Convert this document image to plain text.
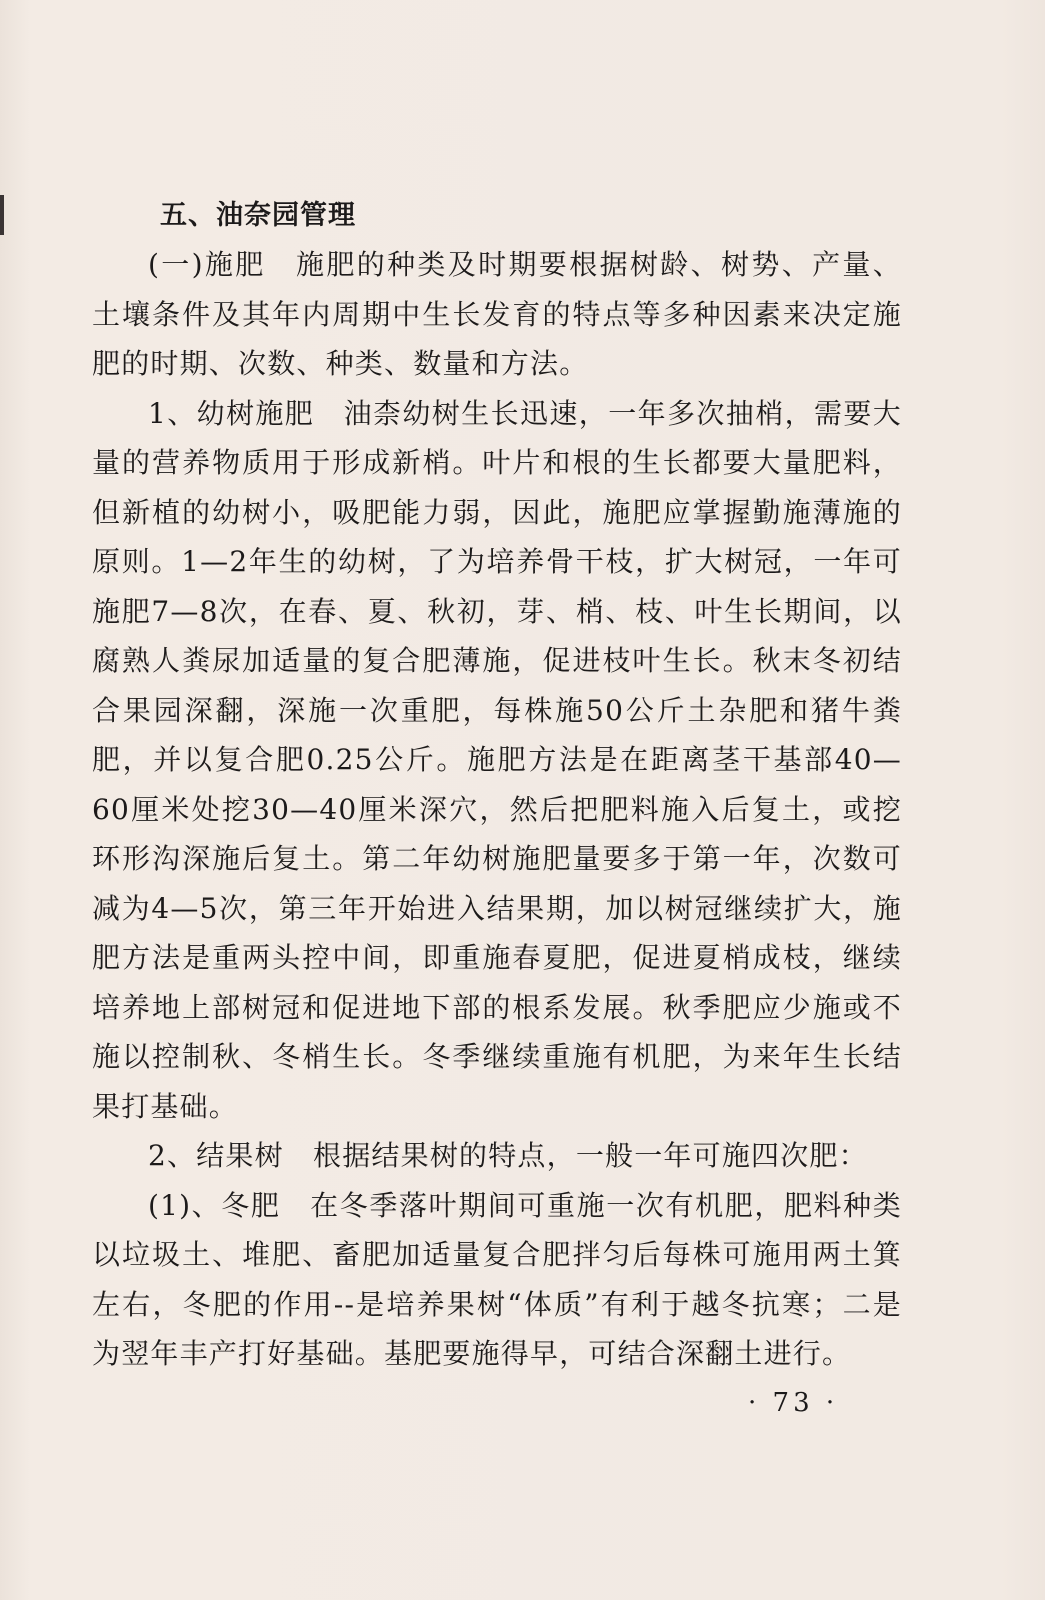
五、油奈园管理

(一)施肥　施肥的种类及时期要根据树龄、树势、产量、土壤条件及其年内周期中生长发育的特点等多种因素来决定施肥的时期、次数、种类、数量和方法。

1、幼树施肥　油柰幼树生长迅速，一年多次抽梢，需要大量的营养物质用于形成新梢。叶片和根的生长都要大量肥料，但新植的幼树小，吸肥能力弱，因此，施肥应掌握勤施薄施的原则。1—2年生的幼树，了为培养骨干枝，扩大树冠，一年可施肥7—8次，在春、夏、秋初，芽、梢、枝、叶生长期间，以腐熟人粪尿加适量的复合肥薄施，促进枝叶生长。秋末冬初结合果园深翻，深施一次重肥，每株施50公斤土杂肥和猪牛粪肥，并以复合肥0.25公斤。施肥方法是在距离茎干基部40—60厘米处挖30—40厘米深穴，然后把肥料施入后复土，或挖环形沟深施后复土。第二年幼树施肥量要多于第一年，次数可减为4—5次，第三年开始进入结果期，加以树冠继续扩大，施肥方法是重两头控中间，即重施春夏肥，促进夏梢成枝，继续培养地上部树冠和促进地下部的根系发展。秋季肥应少施或不施以控制秋、冬梢生长。冬季继续重施有机肥，为来年生长结果打基础。

2、结果树　根据结果树的特点，一般一年可施四次肥：

(1)、冬肥　在冬季落叶期间可重施一次有机肥，肥料种类以垃圾土、堆肥、畜肥加适量复合肥拌匀后每株可施用两土箕左右，冬肥的作用--是培养果树“体质”有利于越冬抗寒；二是为翌年丰产打好基础。基肥要施得早，可结合深翻土进行。

· 73 ·
